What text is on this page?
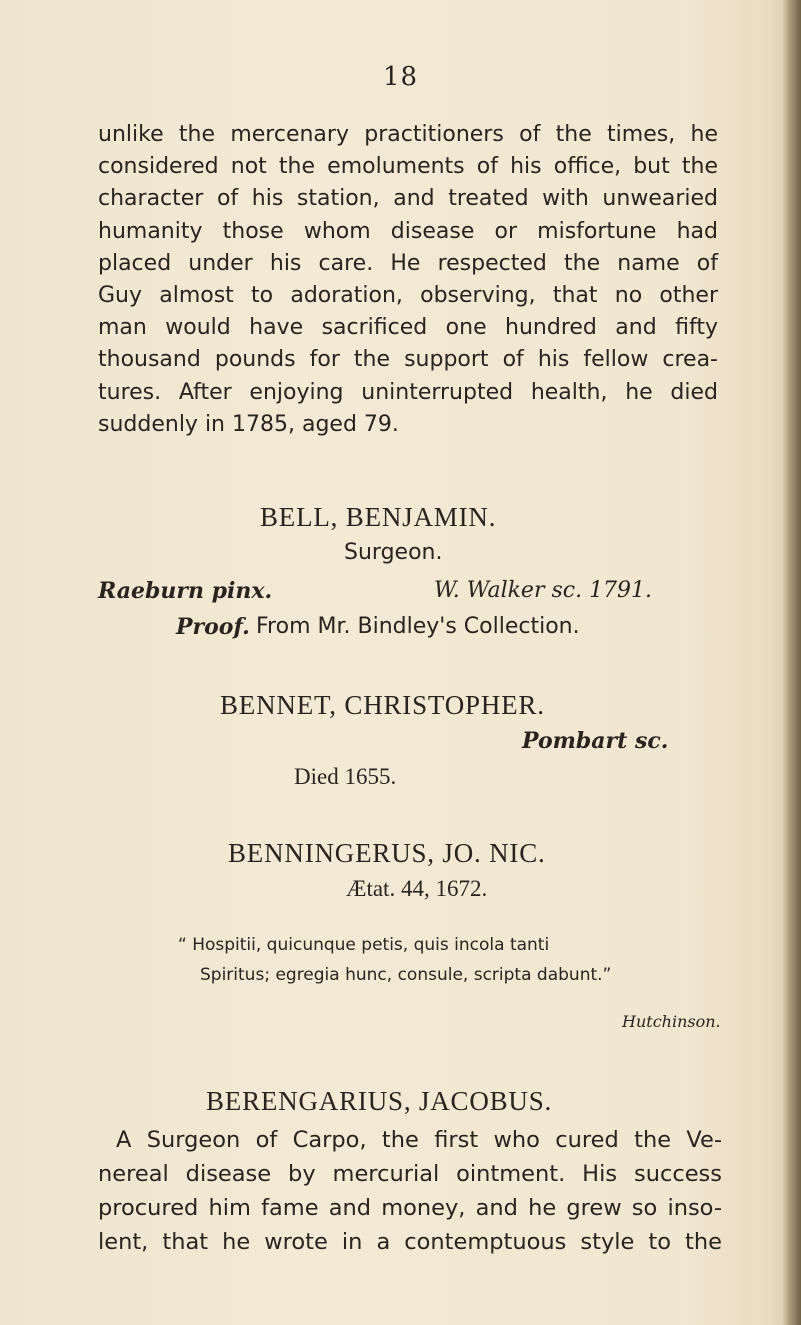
18
unlike the mercenary practitioners of the times, he
considered not the emoluments of his office, but the
character of his station, and treated with unwearied
humanity those whom disease or misfortune had
placed under his care. He respected the name of
Guy almost to adoration, observing, that no other
man would have sacrificed one hundred and fifty
thousand pounds for the support of his fellow crea-
tures. After enjoying uninterrupted health, he died
suddenly in 1785, aged 79.
BELL, BENJAMIN.
Surgeon.
Raeburn pinx.	W. Walker sc. 1791.
Proof. From Mr. Bindley's Collection.
BENNET, CHRISTOPHER.
Pombart sc.
Died 1655.
BENNINGERUS, JO. NIC.
Ætat. 44, 1672.
“ Hospitii, quicunque petis, quis incola tanti
Spiritus; egregia hunc, consule, scripta dabunt.”
Hutchinson.
BERENGARIUS, JACOBUS.
A Surgeon of Carpo, the first who cured the Ve-
nereal disease by mercurial ointment. His success
procured him fame and money, and he grew so inso-
lent, that he wrote in a contemptuous style to the
